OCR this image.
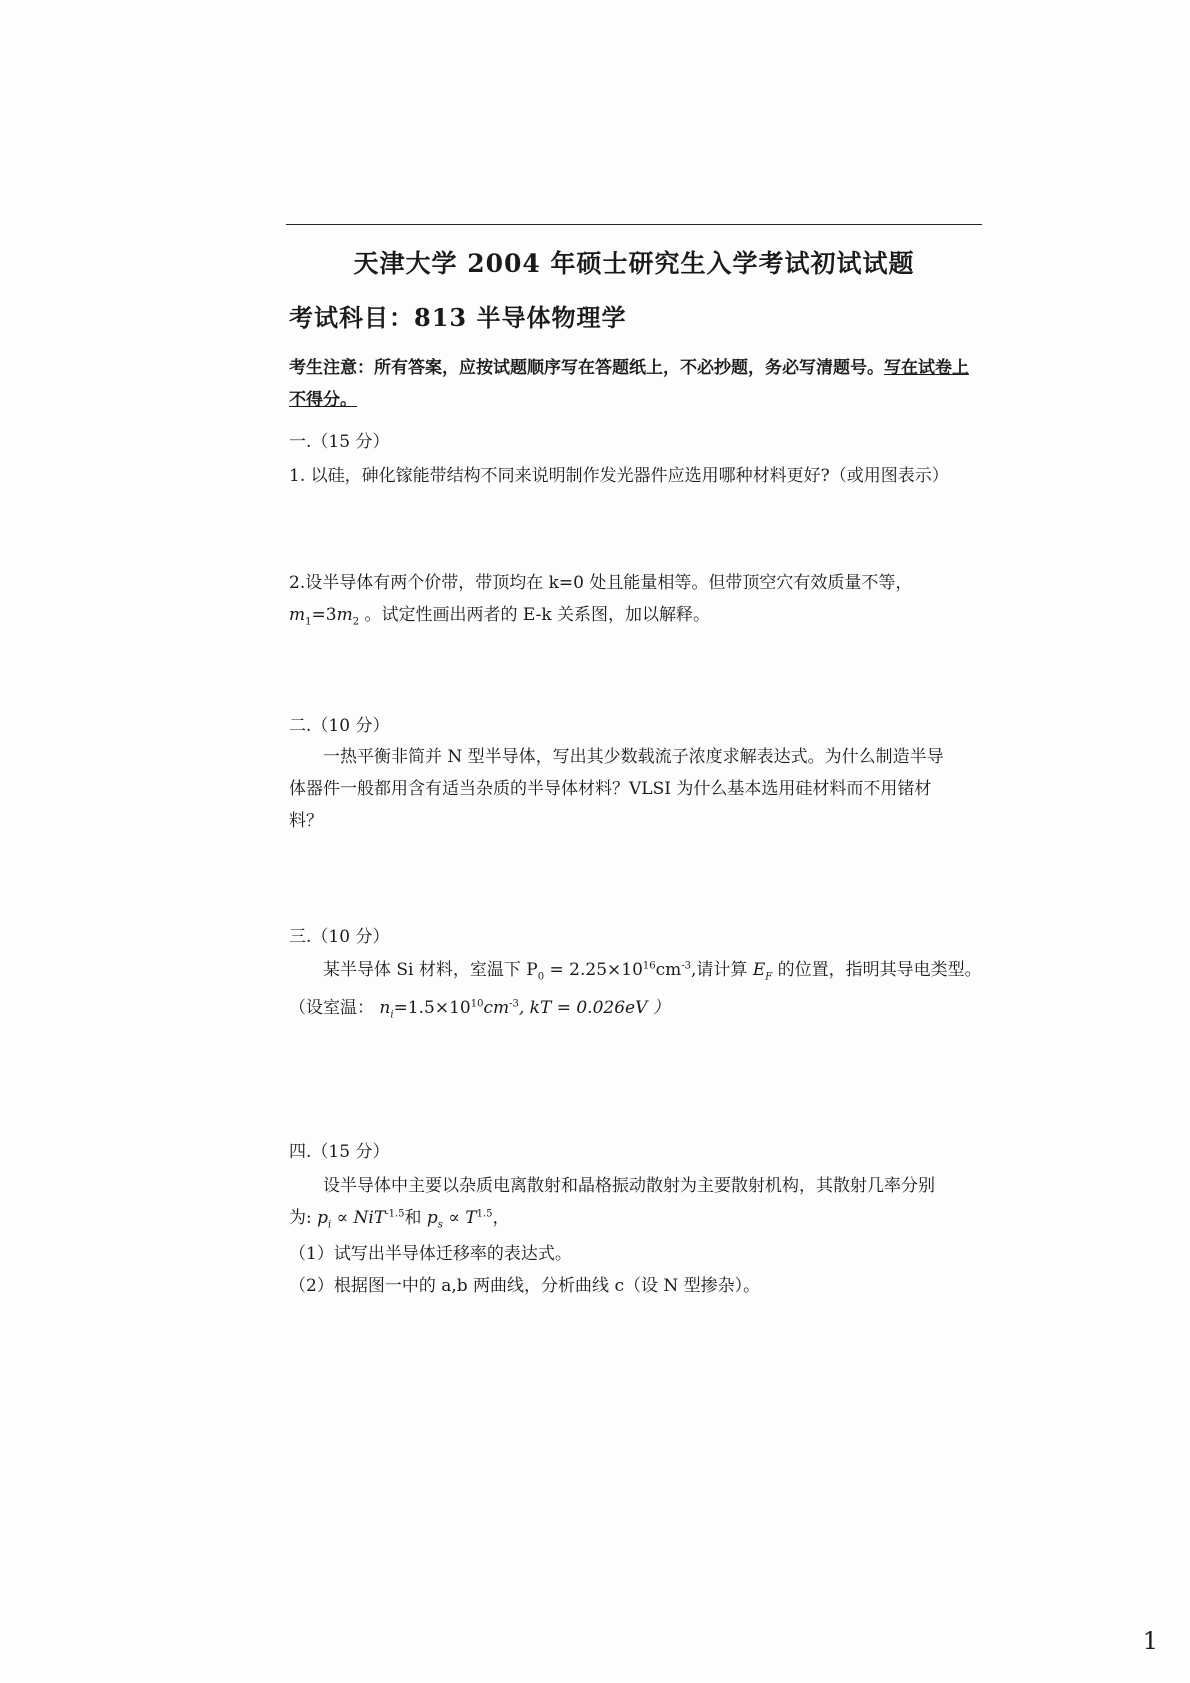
天津大学 2004 年硕士研究生入学考试初试试题
考试科目：813 半导体物理学
考生注意：所有答案，应按试题顺序写在答题纸上，不必抄题，务必写清题号。写在试卷上不得分。
一.（15 分）
1. 以硅，砷化镓能带结构不同来说明制作发光器件应选用哪种材料更好?（或用图表示）
2.设半导体有两个价带，带顶均在 k=0 处且能量相等。但带顶空穴有效质量不等，
$m_1=3m_2$ 。试定性画出两者的 E-k 关系图，加以解释。
二.（10 分）
一热平衡非简并 N 型半导体，写出其少数载流子浓度求解表达式。为什么制造半导
体器件一般都用含有适当杂质的半导体材料？VLSI 为什么基本选用硅材料而不用锗材
料？
三.（10 分）
某半导体 Si 材料，室温下 $P_0 = 2.25\times 10^{16}cm^{-3}$,请计算 $E_F$ 的位置，指明其导电类型。
（设室温： $n_i=1.5\times 10^{10}cm^{-3}$, kT = 0.026eV ）
四.（15 分）
设半导体中主要以杂质电离散射和晶格振动散射为主要散射机构，其散射几率分别
为: $p_i \propto NiT^{-1.5}$和 $p_s \propto T^{1.5}$，
（1）试写出半导体迁移率的表达式。
（2）根据图一中的 a,b 两曲线，分析曲线 c（设 N 型掺杂）。
1
